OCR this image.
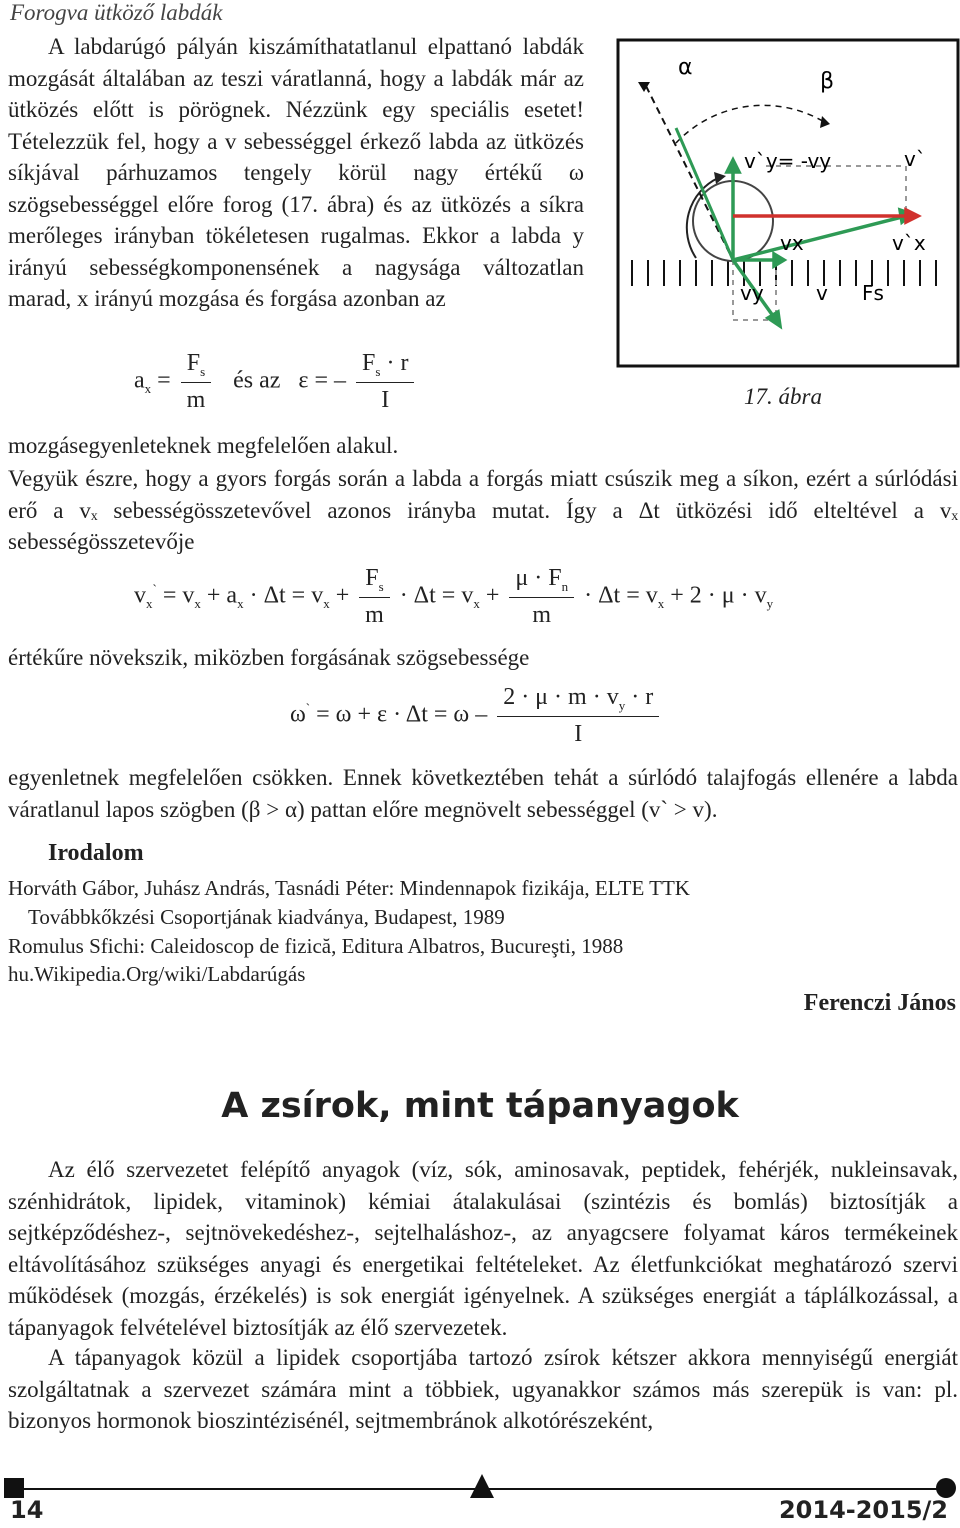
Forogva ütköző labdák
A labdarúgó pályán kiszámíthatatlanul elpattanó labdák mozgását általában az teszi váratlanná, hogy a labdák már az ütközés előtt is pörögnek. Nézzünk egy speciális esetet! Tételezzük fel, hogy a v sebességgel érkező labda az ütközés síkjával párhuzamos tengely körül nagy értékű ω szögsebességgel előre forog (17. ábra) és az ütközés a síkra merőleges irányban tökéletesen rugalmas. Ekkor a labda y irányú sebességkomponensének a nagysága változatlan marad, x irányú mozgása és forgása azonban az
α
β
v`y= -vy	v`
vx	v`x
vy	v Fs
17. ábra
$a_x = \frac{F_s}{m}$ és az   ε = – $\frac{F_s \cdot r}{I}$
mozgásegyenleteknek megfelelően alakul.
Vegyük észre, hogy a gyors forgás során a labda a forgás miatt csúszik meg a síkon, ezért a súrlódási erő a vₓ sebességösszetevővel azonos irányba mutat. Így a Δt ütközési idő elteltével a vₓ sebességösszetevője
$v_x^` = v_x + a_x \cdot \Delta t = v_x + \frac{F_s}{m} \cdot \Delta t = v_x + \frac{\mu \cdot F_n}{m} \cdot \Delta t = v_x + 2 \cdot \mu \cdot v_y$
értékűre növekszik, miközben forgásának szögsebessége
$\omega^` = \omega + \varepsilon \cdot \Delta t = \omega - \frac{2 \cdot \mu \cdot m \cdot v_y \cdot r}{I}$
egyenletnek megfelelően csökken. Ennek következtében tehát a súrlódó talajfogás ellenére a labda váratlanul lapos szögben (β > α) pattan előre megnövelt sebességgel (v` > v).
Irodalom
Horváth Gábor, Juhász András, Tasnádi Péter: Mindennapok fizikája, ELTE TTK
Továbbkőkzési Csoportjának kiadványa, Budapest, 1989
Romulus Sfichi: Caleidoscop de fizică, Editura Albatros, Bucureşti, 1988
hu.Wikipedia.Org/wiki/Labdarúgás
Ferenczi János
A zsírok, mint tápanyagok
Az élő szervezetet felépítő anyagok (víz, sók, aminosavak, peptidek, fehérjék, nukleinsavak, szénhidrátok, lipidek, vitaminok) kémiai átalakulásai (szintézis és bomlás) biztosítják a sejtképződéshez-, sejtnövekedéshez-, sejtelhaláshoz-, az anyagcsere folyamat káros termékeinek eltávolításához szükséges anyagi és energetikai feltételeket. Az életfunkciókat meghatározó szervi működések (mozgás, érzékelés) is sok energiát igényelnek. A szükséges energiát a táplálkozással, a tápanyagok felvételével biztosítják az élő szervezetek.
A tápanyagok közül a lipidek csoportjába tartozó zsírok kétszer akkora mennyiségű energiát szolgáltatnak a szervezet számára mint a többiek, ugyanakkor számos más szerepük is van: pl. bizonyos hormonok bioszintézisénél, sejtmembránok alkotórészeként,
14	2014-2015/2
